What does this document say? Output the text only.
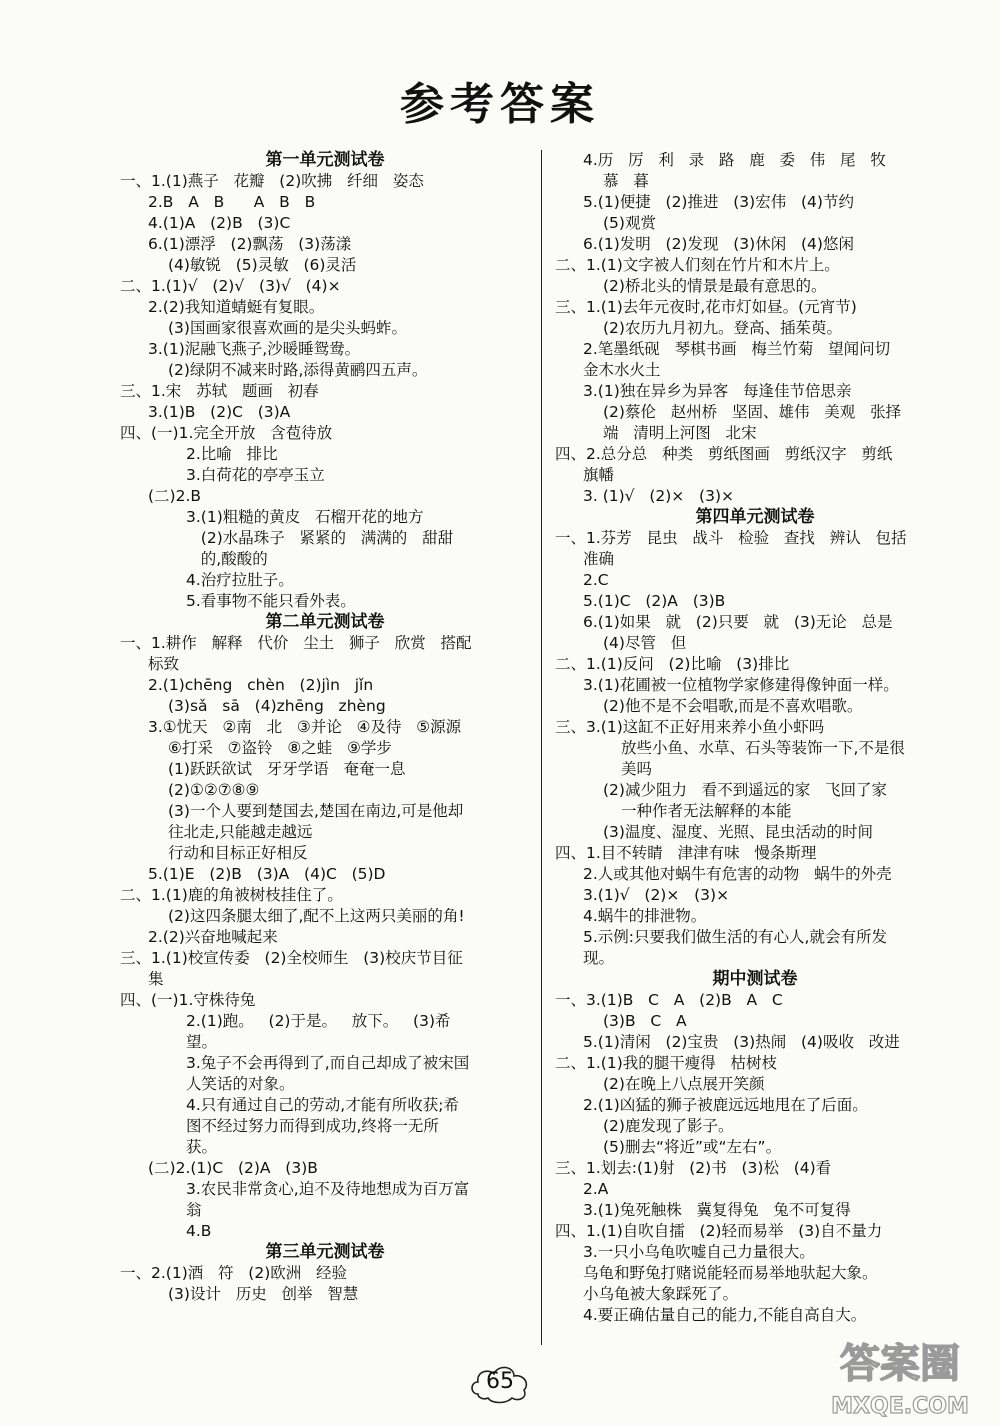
参考答案
第一单元测试卷
一、1.(1)燕子   花瓣   (2)吹拂   纤细   姿态
2.B   A   B      A   B   B
4.(1)A   (2)B   (3)C
6.(1)漂浮   (2)飘荡   (3)荡漾
(4)敏锐   (5)灵敏   (6)灵活
二、1.(1)√   (2)√   (3)√   (4)×
2.(2)我知道蜻蜓有复眼。
(3)国画家很喜欢画的是尖头蚂蚱。
3.(1)泥融飞燕子,沙暖睡鸳鸯。
(2)绿阴不减来时路,添得黄鹂四五声。
三、1.宋   苏轼   题画   初春
3.(1)B   (2)C   (3)A
四、(一)1.完全开放   含苞待放
2.比喻   排比
3.白荷花的亭亭玉立
(二)2.B
3.(1)粗糙的黄皮   石榴开花的地方
(2)水晶珠子   紧紧的   满满的   甜甜
的,酸酸的
4.治疗拉肚子。
5.看事物不能只看外表。
第二单元测试卷
一、1.耕作   解释   代价   尘土   狮子   欣赏   搭配
标致
2.(1)chēng   chèn   (2)jìn   jǐn
(3)sǎ   sā   (4)zhēng   zhèng
3.①忧天   ②南   北   ③并论   ④及待   ⑤源源
⑥打采   ⑦盗铃   ⑧之蛙   ⑨学步
(1)跃跃欲试   牙牙学语   奄奄一息
(2)①②⑦⑧⑨
(3)一个人要到楚国去,楚国在南边,可是他却
往北走,只能越走越远
行动和目标正好相反
5.(1)E   (2)B   (3)A   (4)C   (5)D
二、1.(1)鹿的角被树枝挂住了。
(2)这四条腿太细了,配不上这两只美丽的角!
2.(2)兴奋地喊起来
三、1.(1)校宣传委   (2)全校师生   (3)校庆节目征
集
四、(一)1.守株待兔
2.(1)跑。   (2)于是。   放下。   (3)希
望。
3.兔子不会再得到了,而自己却成了被宋国
人笑话的对象。
4.只有通过自己的劳动,才能有所收获;希
图不经过努力而得到成功,终将一无所
获。
(二)2.(1)C   (2)A   (3)B
3.农民非常贪心,迫不及待地想成为百万富
翁
4.B
第三单元测试卷
一、2.(1)酒   符   (2)欧洲   经验
(3)设计   历史   创举   智慧
4.历   厉   利   录   路   鹿   委   伟   尾   牧
慕   暮
5.(1)便捷   (2)推进   (3)宏伟   (4)节约
(5)观赏
6.(1)发明   (2)发现   (3)休闲   (4)悠闲
二、1.(1)文字被人们刻在竹片和木片上。
(2)桥北头的情景是最有意思的。
三、1.(1)去年元夜时,花市灯如昼。(元宵节)
(2)农历九月初九。登高、插茱萸。
2.笔墨纸砚   琴棋书画   梅兰竹菊   望闻问切
金木水火土
3.(1)独在异乡为异客   每逢佳节倍思亲
(2)蔡伦   赵州桥   坚固、雄伟   美观   张择
端   清明上河图   北宋
四、2.总分总   种类   剪纸图画   剪纸汉字   剪纸
旗幡
3. (1)√   (2)×   (3)×
第四单元测试卷
一、1.芬芳   昆虫   战斗   检验   查找   辨认   包括
准确
2.C
5.(1)C   (2)A   (3)B
6.(1)如果   就   (2)只要   就   (3)无论   总是
(4)尽管   但
二、1.(1)反问   (2)比喻   (3)排比
3.(1)花圃被一位植物学家修建得像钟面一样。
(2)他不是不会唱歌,而是不喜欢唱歌。
三、3.(1)这缸不正好用来养小鱼小虾吗
放些小鱼、水草、石头等装饰一下,不是很
美吗
(2)减少阻力   看不到遥远的家   飞回了家
一种作者无法解释的本能
(3)温度、湿度、光照、昆虫活动的时间
四、1.目不转睛   津津有味   慢条斯理
2.人或其他对蜗牛有危害的动物   蜗牛的外壳
3.(1)√   (2)×   (3)×
4.蜗牛的排泄物。
5.示例:只要我们做生活的有心人,就会有所发
现。
期中测试卷
一、3.(1)B   C   A   (2)B   A   C
(3)B   C   A
5.(1)清闲   (2)宝贵   (3)热闹   (4)吸收   改进
二、1.(1)我的腿干瘦得   枯树枝
(2)在晚上八点展开笑颜
2.(1)凶猛的狮子被鹿远远地甩在了后面。
(2)鹿发现了影子。
(5)删去“将近”或“左右”。
三、1.划去:(1)射   (2)书   (3)松   (4)看
2.A
3.(1)兔死触株   冀复得兔   兔不可复得
四、1.(1)自吹自擂   (2)轻而易举   (3)自不量力
3.一只小乌龟吹嘘自己力量很大。
乌龟和野兔打赌说能轻而易举地驮起大象。
小乌龟被大象踩死了。
4.要正确估量自己的能力,不能自高自大。
65	答案圈
MXQE.COM
